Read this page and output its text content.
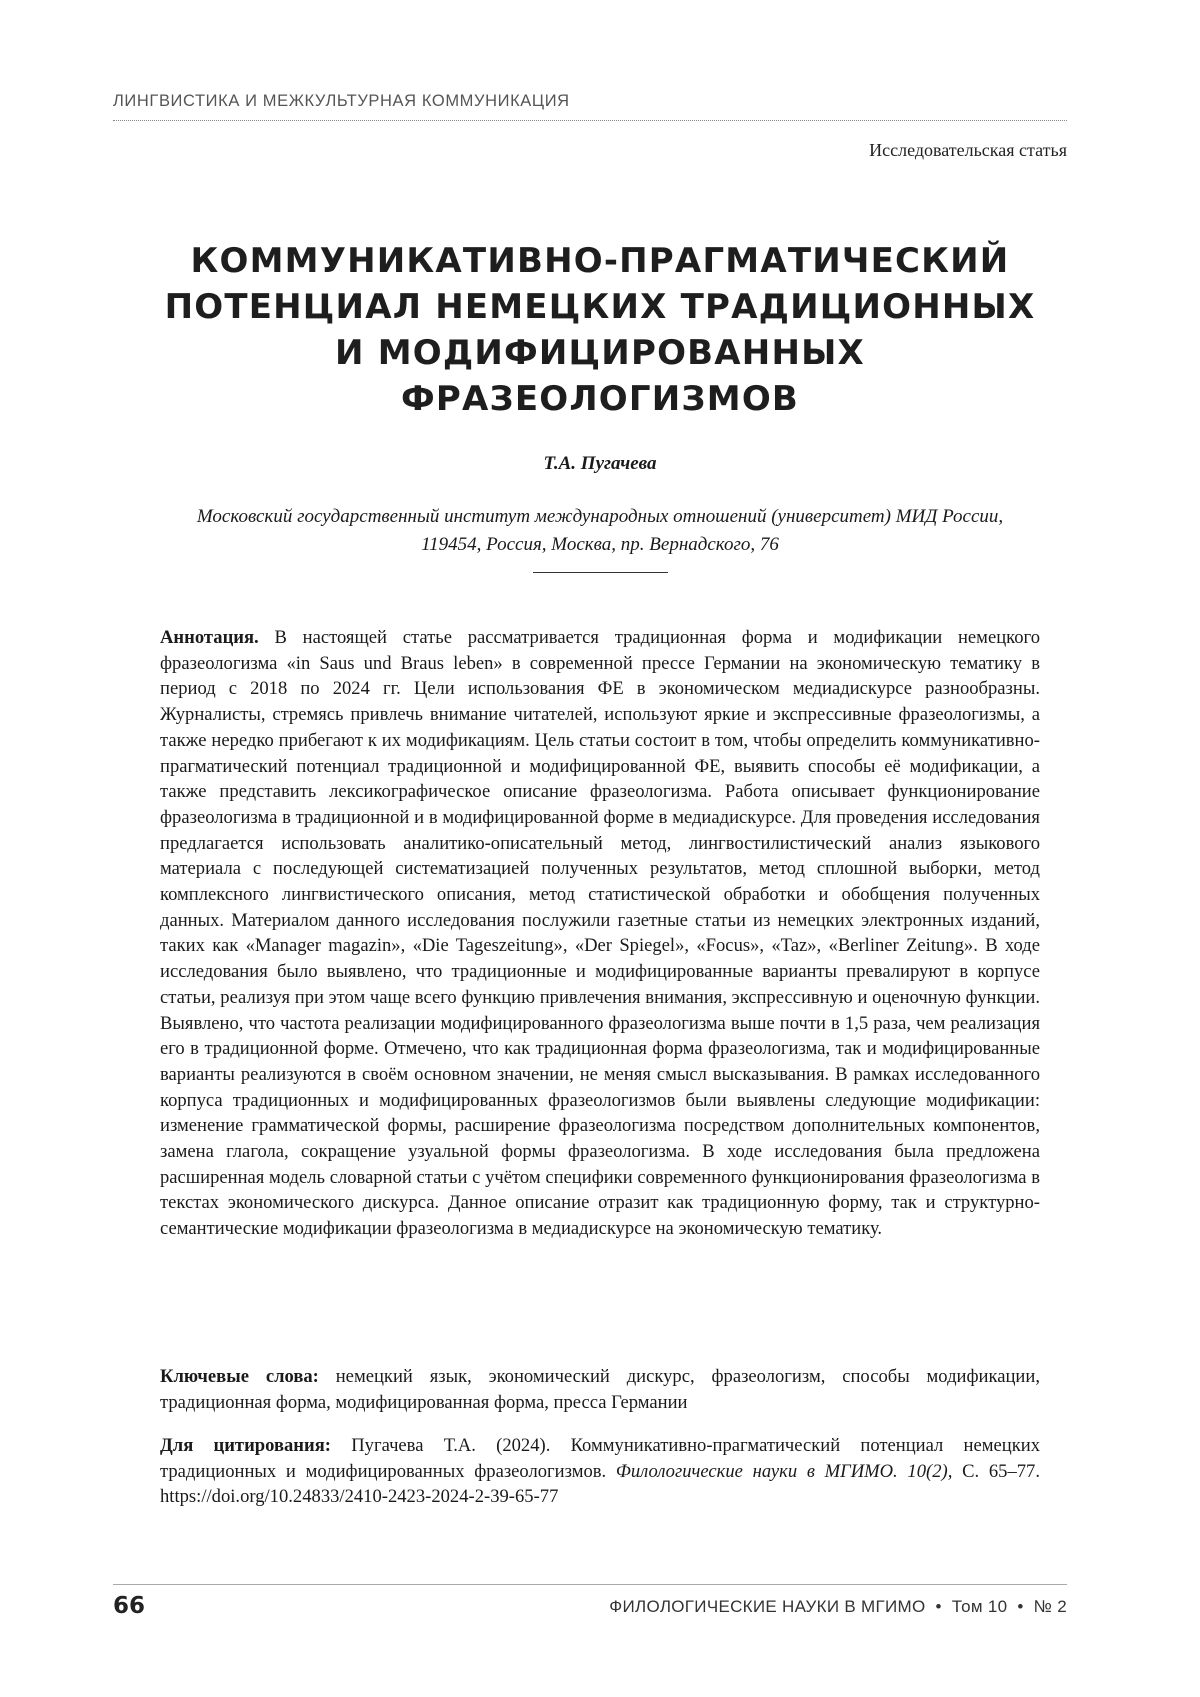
ЛИНГВИСТИКА И МЕЖКУЛЬТУРНАЯ КОММУНИКАЦИЯ
Исследовательская статья
КОММУНИКАТИВНО-ПРАГМАТИЧЕСКИЙ
ПОТЕНЦИАЛ НЕМЕЦКИХ ТРАДИЦИОННЫХ
И МОДИФИЦИРОВАННЫХ
ФРАЗЕОЛОГИЗМОВ
Т.А. Пугачева
Московский государственный институт международных отношений (университет) МИД России,
119454, Россия, Москва, пр. Вернадского, 76
Аннотация. В настоящей статье рассматривается традиционная форма и модификации немецкого фразеологизма «in Saus und Braus leben» в современной прессе Германии на экономическую тематику в период с 2018 по 2024 гг. Цели использования ФЕ в экономическом медиадискурсе разнообразны. Журналисты, стремясь привлечь внимание читателей, используют яркие и экспрессивные фразеологизмы, а также нередко прибегают к их модификациям. Цель статьи состоит в том, чтобы определить коммуникативно-прагматический потенциал традиционной и модифицированной ФЕ, выявить способы её модификации, а также представить лексикографическое описание фразеологизма. Работа описывает функционирование фразеологизма в традиционной и в модифицированной форме в медиадискурсе. Для проведения исследования предлагается использовать аналитико-описательный метод, лингвостилистический анализ языкового материала с последующей систематизацией полученных результатов, метод сплошной выборки, метод комплексного лингвистического описания, метод статистической обработки и обобщения полученных данных. Материалом данного исследования послужили газетные статьи из немецких электронных изданий, таких как «Manager magazin», «Die Tageszeitung», «Der Spiegel», «Focus», «Taz», «Berliner Zeitung». В ходе исследования было выявлено, что традиционные и модифицированные варианты превалируют в корпусе статьи, реализуя при этом чаще всего функцию привлечения внимания, экспрессивную и оценочную функции. Выявлено, что частота реализации модифицированного фразеологизма выше почти в 1,5 раза, чем реализация его в традиционной форме. Отмечено, что как традиционная форма фразеологизма, так и модифицированные варианты реализуются в своём основном значении, не меняя смысл высказывания. В рамках исследованного корпуса традиционных и модифицированных фразеологизмов были выявлены следующие модификации: изменение грамматической формы, расширение фразеологизма посредством дополнительных компонентов, замена глагола, сокращение узуальной формы фразеологизма. В ходе исследования была предложена расширенная модель словарной статьи с учётом специфики современного функционирования фразеологизма в текстах экономического дискурса. Данное описание отразит как традиционную форму, так и структурно-семантические модификации фразеологизма в медиадискурсе на экономическую тематику.
Ключевые слова: немецкий язык, экономический дискурс, фразеологизм, способы модификации, традиционная форма, модифицированная форма, пресса Германии
Для цитирования: Пугачева Т.А. (2024). Коммуникативно-прагматический потенциал немецких традиционных и модифицированных фразеологизмов. Филологические науки в МГИМО. 10(2), С. 65–77. https://doi.org/10.24833/2410-2423-2024-2-39-65-77
66	ФИЛОЛОГИЧЕСКИЕ НАУКИ В МГИМО • Том 10 • № 2
